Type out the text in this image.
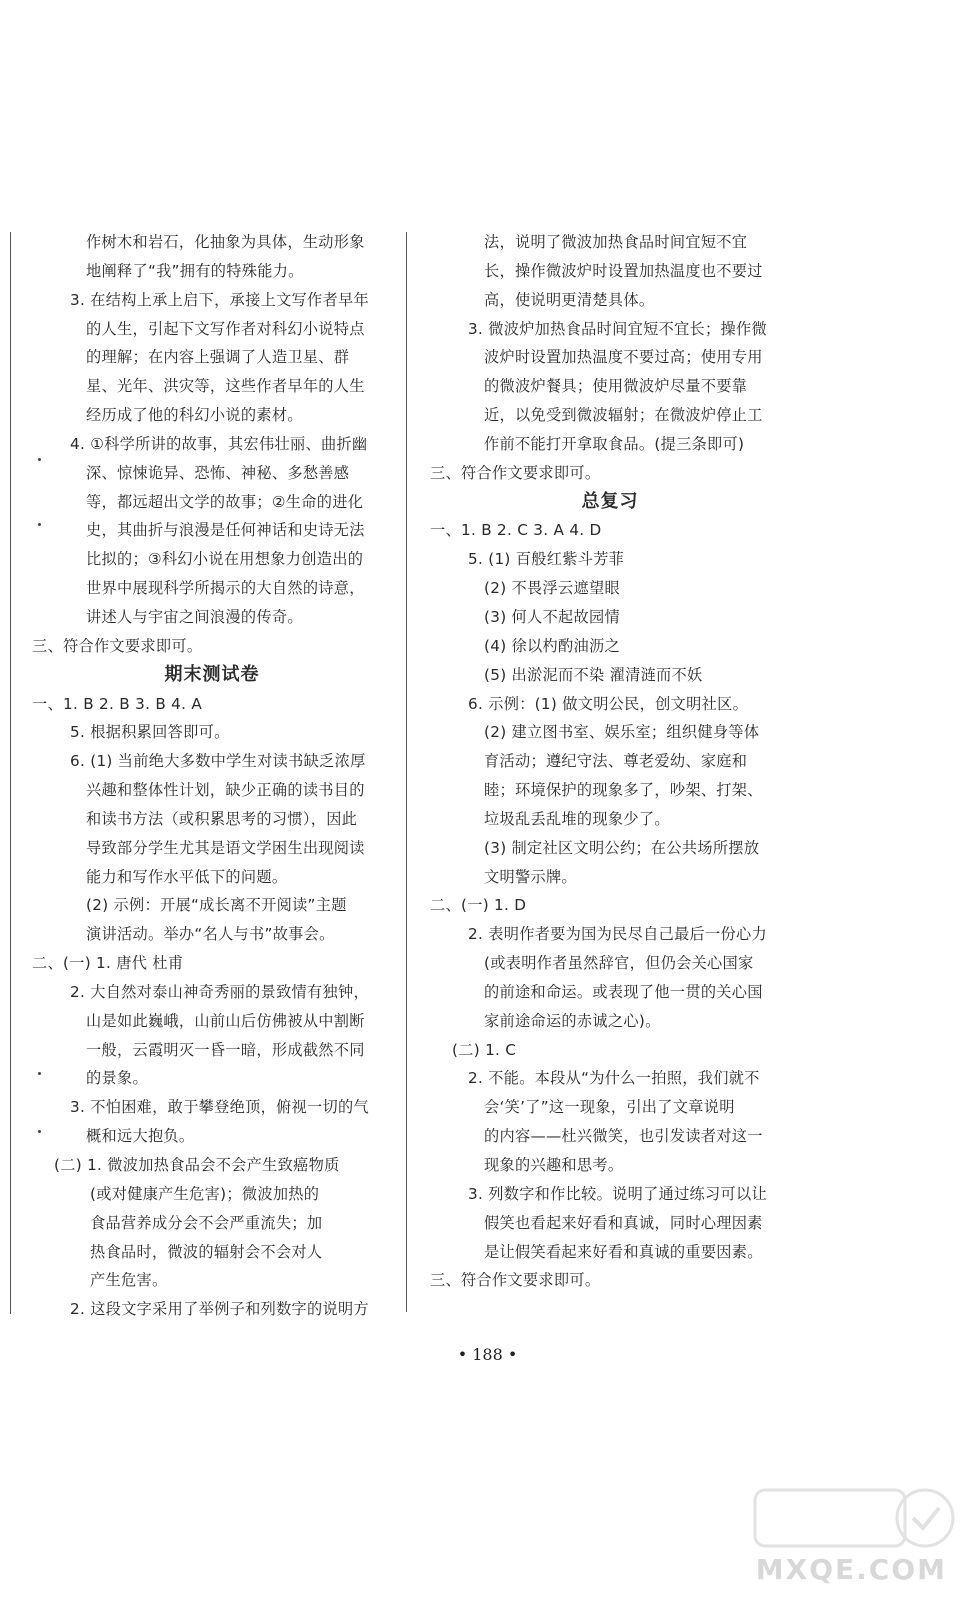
作树木和岩石，化抽象为具体，生动形象
地阐释了“我”拥有的特殊能力。
3. 在结构上承上启下，承接上文写作者早年
的人生，引起下文写作者对科幻小说特点
的理解；在内容上强调了人造卫星、群
星、光年、洪灾等，这些作者早年的人生
经历成了他的科幻小说的素材。
4. ①科学所讲的故事，其宏伟壮丽、曲折幽
深、惊悚诡异、恐怖、神秘、多愁善感
等，都远超出文学的故事；②生命的进化
史，其曲折与浪漫是任何神话和史诗无法
比拟的；③科幻小说在用想象力创造出的
世界中展现科学所揭示的大自然的诗意，
讲述人与宇宙之间浪漫的传奇。
三、符合作文要求即可。
期末测试卷
一、1. B 2. B 3. B 4. A
5. 根据积累回答即可。
6. (1) 当前绝大多数中学生对读书缺乏浓厚
兴趣和整体性计划，缺少正确的读书目的
和读书方法（或积累思考的习惯），因此
导致部分学生尤其是语文学困生出现阅读
能力和写作水平低下的问题。
(2) 示例：开展“成长离不开阅读”主题
演讲活动。举办“名人与书”故事会。
二、(一) 1. 唐代 杜甫
2. 大自然对泰山神奇秀丽的景致情有独钟，
山是如此巍峨，山前山后仿佛被从中割断
一般，云霞明灭一昏一暗，形成截然不同
的景象。
3. 不怕困难，敢于攀登绝顶，俯视一切的气
概和远大抱负。
(二) 1. 微波加热食品会不会产生致癌物质
(或对健康产生危害)；微波加热的
食品营养成分会不会严重流失；加
热食品时，微波的辐射会不会对人
产生危害。
2. 这段文字采用了举例子和列数字的说明方
法，说明了微波加热食品时间宜短不宜
长，操作微波炉时设置加热温度也不要过
高，使说明更清楚具体。
3. 微波炉加热食品时间宜短不宜长；操作微
波炉时设置加热温度不要过高；使用专用
的微波炉餐具；使用微波炉尽量不要靠
近，以免受到微波辐射；在微波炉停止工
作前不能打开拿取食品。(提三条即可)
三、符合作文要求即可。
总复习
一、1. B 2. C 3. A 4. D
5. (1) 百般红紫斗芳菲
(2) 不畏浮云遮望眼
(3) 何人不起故园情
(4) 徐以杓酌油沥之
(5) 出淤泥而不染 濯清涟而不妖
6. 示例：(1) 做文明公民，创文明社区。
(2) 建立图书室、娱乐室；组织健身等体
育活动；遵纪守法、尊老爱幼、家庭和
睦；环境保护的现象多了，吵架、打架、
垃圾乱丢乱堆的现象少了。
(3) 制定社区文明公约；在公共场所摆放
文明警示牌。
二、(一) 1. D
2. 表明作者要为国为民尽自己最后一份心力
(或表明作者虽然辞官，但仍会关心国家
的前途和命运。或表现了他一贯的关心国
家前途命运的赤诚之心)。
(二) 1. C
2. 不能。本段从“为什么一拍照，我们就不
会‘笑’了”这一现象，引出了文章说明
的内容——杜兴微笑，也引发读者对这一
现象的兴趣和思考。
3. 列数字和作比较。说明了通过练习可以让
假笑也看起来好看和真诚，同时心理因素
是让假笑看起来好看和真诚的重要因素。
三、符合作文要求即可。
• 188 •
MXQE.COM
